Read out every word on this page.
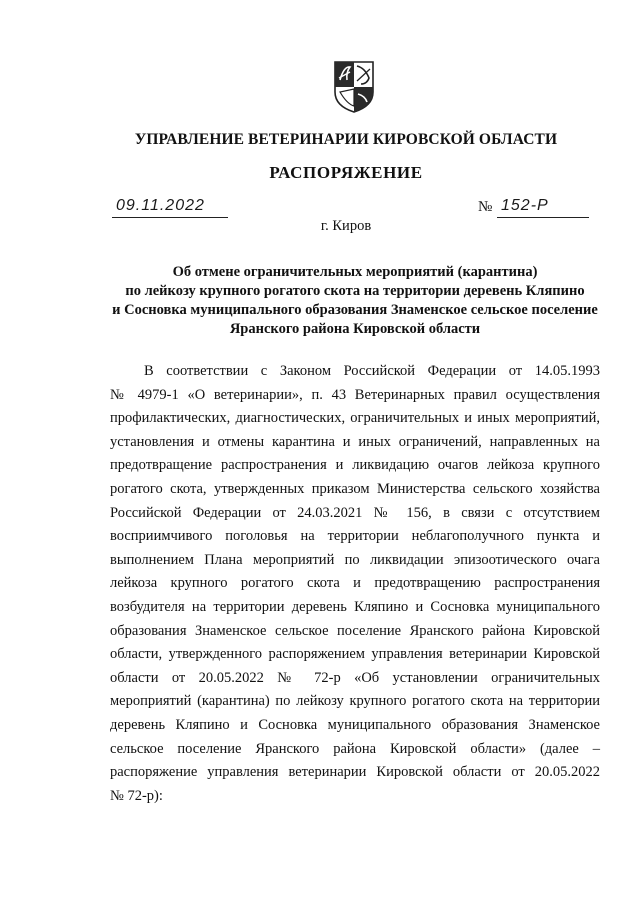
УПРАВЛЕНИЕ ВЕТЕРИНАРИИ КИРОВСКОЙ ОБЛАСТИ
РАСПОРЯЖЕНИЕ
09.11.2022	№ 152-Р
г. Киров
Об отмене ограничительных мероприятий (карантина)
по лейкозу крупного рогатого скота на территории деревень Кляпино
и Сосновка муниципального образования Знаменское сельское поселение
Яранского района Кировской области
В соответствии с Законом Российской Федерации от 14.05.1993
№ 4979-1 «О ветеринарии», п. 43 Ветеринарных правил осуществления
профилактических, диагностических, ограничительных и иных мероприятий,
установления и отмены карантина и иных ограничений, направленных на
предотвращение распространения и ликвидацию очагов лейкоза крупного
рогатого скота, утвержденных приказом Министерства сельского хозяйства
Российской Федерации от 24.03.2021 № 156, в связи с отсутствием
восприимчивого поголовья на территории неблагополучного пункта и
выполнением Плана мероприятий по ликвидации эпизоотического очага
лейкоза крупного рогатого скота и предотвращению распространения
возбудителя на территории деревень Кляпино и Сосновка муниципального
образования Знаменское сельское поселение Яранского района Кировской
области, утвержденного распоряжением управления ветеринарии Кировской
области от 20.05.2022 № 72-р «Об установлении ограничительных
мероприятий (карантина) по лейкозу крупного рогатого скота на территории
деревень Кляпино и Сосновка муниципального образования Знаменское
сельское поселение Яранского района Кировской области» (далее –
распоряжение управления ветеринарии Кировской области от 20.05.2022
№ 72-р):
